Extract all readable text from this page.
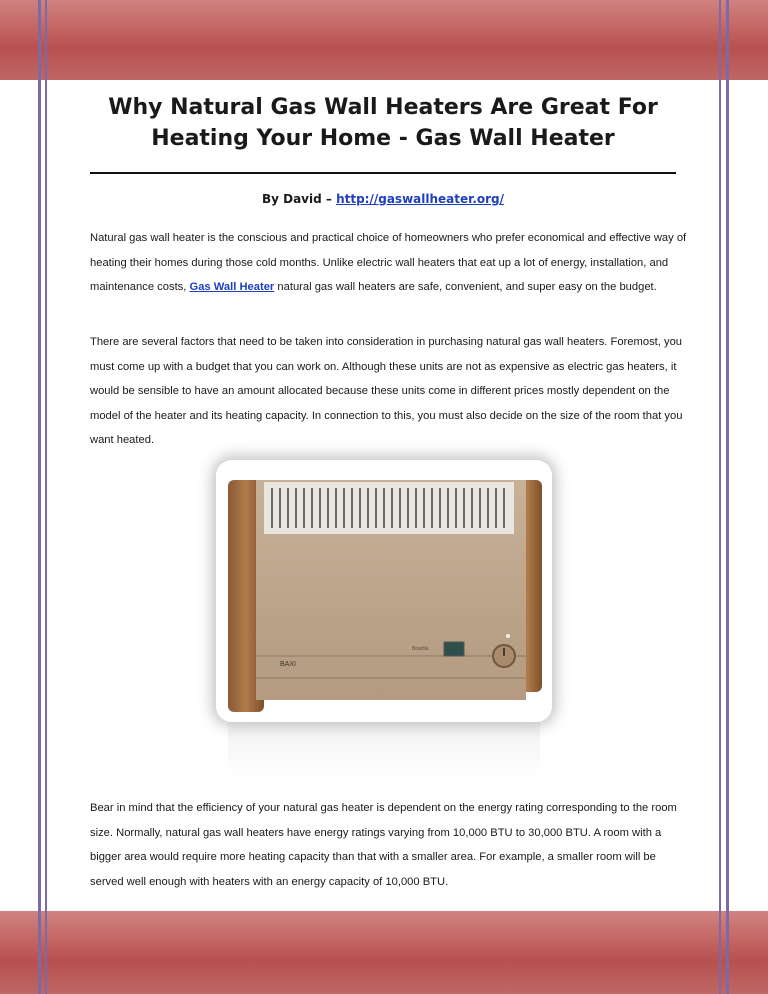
Why Natural Gas Wall Heaters Are Great For Heating Your Home - Gas Wall Heater
By David – http://gaswallheater.org/

Natural gas wall heater is the conscious and practical choice of homeowners who prefer economical and effective way of heating their homes during those cold months. Unlike electric wall heaters that eat up a lot of energy, installation, and maintenance costs, Gas Wall Heater natural gas wall heaters are safe, convenient, and super easy on the budget.

There are several factors that need to be taken into consideration in purchasing natural gas wall heaters. Foremost, you must come up with a budget that you can work on. Although these units are not as expensive as electric gas heaters, it would be sensible to have an amount allocated because these units come in different prices mostly dependent on the model of the heater and its heating capacity. In connection to this, you must also decide on the size of the room that you want heated.

BAXI
Brazilia

Bear in mind that the efficiency of your natural gas heater is dependent on the energy rating corresponding to the room size. Normally, natural gas wall heaters have energy ratings varying from 10,000 BTU to 30,000 BTU. A room with a bigger area would require more heating capacity than that with a smaller area. For example, a smaller room will be served well enough with heaters with an energy capacity of 10,000 BTU.
